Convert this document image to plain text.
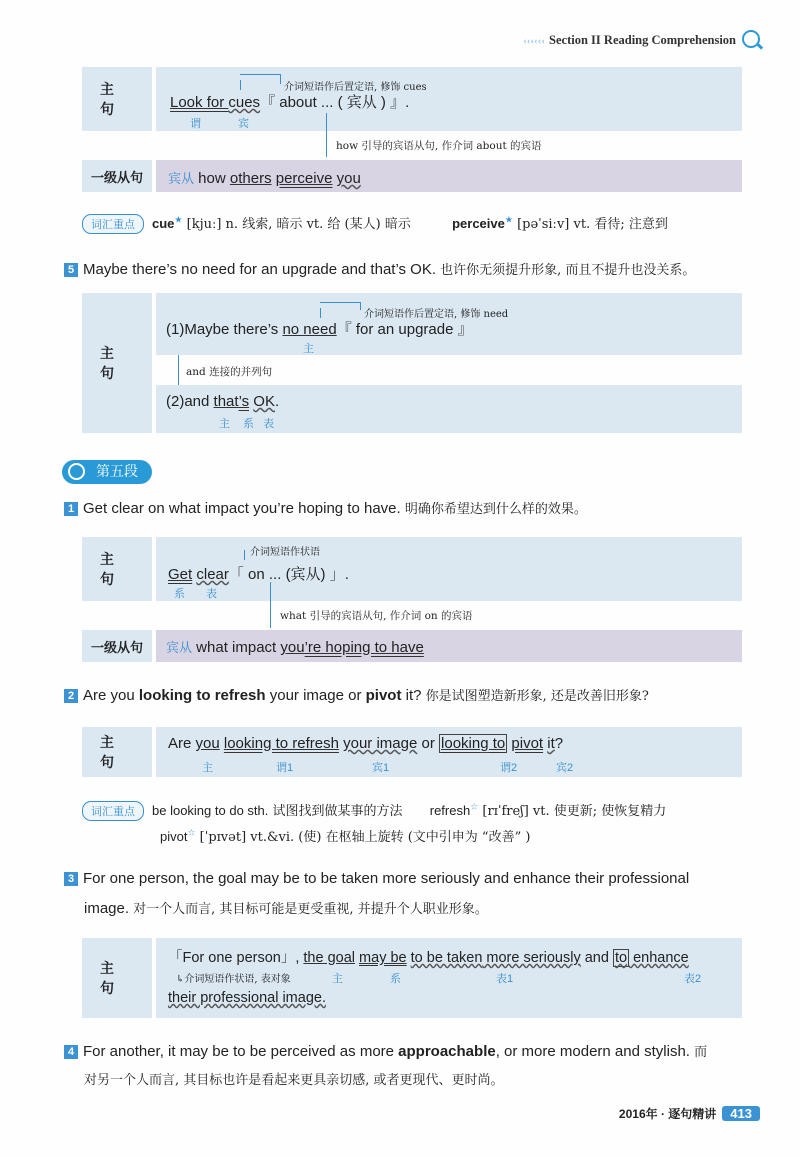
‹‹‹‹‹‹ Section II Reading Comprehension
主 句
介词短语作后置定语, 修饰 cues
Look for cues『 about ... ( 宾从 ) 』.
谓	宾
how 引导的宾语从句, 作介词 about 的宾语
一级从句 宾从 how others perceive you
词汇重点 cue★ [kjuː] n. 线索, 暗示 vt. 给 (某人) 暗示	perceive★ [pəˈsiːv] vt. 看待; 注意到
5 Maybe there’s no need for an upgrade and that’s OK. 也许你无须提升形象, 而且不提升也没关系。
主 句
介词短语作后置定语, 修饰 need
(1)Maybe there’s no need『 for an upgrade 』
主
and 连接的并列句
(2)and that’s OK.
主 系 表
第五段
1 Get clear on what impact you’re hoping to have. 明确你希望达到什么样的效果。
主 句
介词短语作状语
Get clear「 on ... (宾从) 」.
系 表
what 引导的宾语从句, 作介词 on 的宾语
一级从句 宾从 what impact you’re hoping to have
2 Are you looking to refresh your image or pivot it? 你是试图塑造新形象, 还是改善旧形象?
主 句
Are you looking to refresh your image or looking to pivot it?
主	谓1	宾1	谓2	宾2
词汇重点 be looking to do sth. 试图找到做某事的方法 refresh☆ [rɪˈfreʃ] vt. 使更新; 使恢复精力
pivot☆ [ˈpɪvət] vt.&vi. (使) 在枢轴上旋转 (文中引申为 “改善” )
3 For one person, the goal may be to be taken more seriously and enhance their professional
image. 对一个人而言, 其目标可能是更受重视, 并提升个人职业形象。
主 句
「For one person」, the goal may be to be taken more seriously and to enhance
↳介词短语作状语, 表对象	主	系	表1	表2
their professional image.
4 For another, it may be to be perceived as more approachable, or more modern and stylish. 而
对另一个人而言, 其目标也许是看起来更具亲切感, 或者更现代、更时尚。
2016年 · 逐句精讲 413
